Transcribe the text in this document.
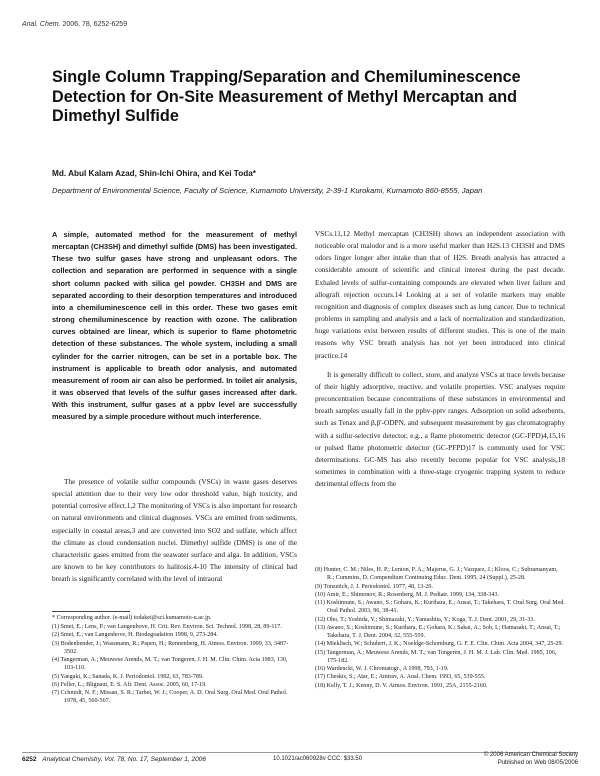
Anal. Chem. 2006, 78, 6252-6259
Single Column Trapping/Separation and Chemiluminescence Detection for On-Site Measurement of Methyl Mercaptan and Dimethyl Sulfide
Md. Abul Kalam Azad, Shin-Ichi Ohira, and Kei Toda*
Department of Environmental Science, Faculty of Science, Kumamoto University, 2-39-1 Kurokami, Kumamoto 860-8555, Japan
A simple, automated method for the measurement of methyl mercaptan (CH3SH) and dimethyl sulfide (DMS) has been investigated. These two sulfur gases have strong and unpleasant odors. The collection and separation are performed in sequence with a single short column packed with silica gel powder. CH3SH and DMS are separated according to their desorption temperatures and introduced into a chemiluminescence cell in this order. These two gases emit strong chemiluminescence by reaction with ozone. The calibration curves obtained are linear, which is superior to flame photometric detection of these substances. The whole system, including a small cylinder for the carrier nitrogen, can be set in a portable box. The instrument is applicable to breath odor analysis, and automated measurement of room air can also be performed. In toilet air analysis, it was observed that levels of the sulfur gases increased after dark. With this instrument, sulfur gases at a ppbv level are successfully measured by a simple procedure without much interference.

The presence of volatile sulfur compounds (VSCs) in waste gases deserves special attention due to their very low odor threshold value, high toxicity, and potential corrosive effect.1,2 The monitoring of VSCs is also important for research on natural environments and clinical diagnoses. VSCs are emitted from sediments, especially in coastal areas,3 and are converted into SO2 and sulfate, which affect the climate as cloud condensation nuclei. Dimethyl sulfide (DMS) is one of the characteristic gases emitted from the seawater surface and alga. In addition, VSCs are known to be key contributors to halitosis.4-10 The intensity of clinical bad breath is significantly correlated with the level of intraoral

VSCs.11,12 Methyl mercaptan (CH3SH) shows an independent association with noticeable oral malodor and is a more useful marker than H2S.13 CH3SH and DMS odors linger longer after intake than that of H2S. Breath analysis has attracted a considerable amount of scientific and clinical interest during the past decade. Exhaled levels of sulfur-containing compounds are elevated when liver failure and allograft rejection occurs.14 Looking at a set of volatile markers may enable recognition and diagnosis of complex diseases such as lung cancer. Due to technical problems in sampling and analysis and a lack of normalization and standardization, huge variations exist between results of different studies. This is one of the main reasons why VSC breath analysis has not yet been introduced into clinical practice.14

It is generally difficult to collect, store, and analyze VSCs at trace levels because of their highly adsorptive, reactive, and volatile properties. VSC analyses require preconcentration because concentrations of these substances in environmental and breath samples usually fall in the ppbv-pptv ranges. Adsorption on solid adsorbents, such as Tenax and β,β'-ODPN, and subsequent measurement by gas chromatography with a sulfur-selective detector, e.g., a flame photometric detector (GC-FPD)4,15,16 or pulsed flame photometric detector (GC-PFPD)17 is commonly used for VSC determinations. GC-MS has also recently become popular for VSC analysis,18 sometimes in combination with a three-stage cryogenic trapping system to reduce detrimental effects from the

* Corresponding author. (e-mail) todakei@sci.kumamoto-u.ac.jp.
(1) Smet, E.; Lens, P.; van Langenhove, H. Crit. Rev. Environ. Sci. Technol. 1998, 28, 89-117.
(2) Smet, E.; van Langenhove, H. Biodegradation 1998, 9, 273-284.
(3) Bodenbender, J.; Wassmann, R.; Papen, H.; Rennenberg, H. Atmos. Environ. 1999, 33, 3487-3502.
(4) Tangerman, A.; Meuwese Arends, M. T.; van Tongeren, J. H. M. Clin. Chim. Acta 1983, 130, 103-110.
(5) Yaegaki, K.; Sanada, K. J. Periodontol. 1992, 63, 783-789.
(6) Feller, L.; Blignaut, E. S. Afr. Dent. Assoc. 2005, 60, 17-19.
(7) Cchmidt, N. F.; Missan, S. R.; Tarbet, W. J.; Cooper, A. D. Oral Surg. Oral Med. Oral Pathol. 1978, 45, 560-567.
(8) Hunter, C. M.; Niles, H. P.; Lenton, P. A.; Majerus, G. J.; Vazquez, J.; Kloos, C.; Subramanyam, R.; Cummins, D. Compendium Continuing Educ. Dent. 1995, 24 (Suppl.), 25-28.
(9) Tonzetich, J. J. Periodontol. 1977, 48, 13-20.
(10) Amir, E.; Shimonov, R.; Rosenberg, M. J. Pediatr. 1999, 134, 338-343.
(11) Koshimune, S.; Awano, S.; Gohara, K.; Kurihara, E.; Ansai, T.; Takehara, T. Oral Surg. Oral Med. Oral Pathol. 2003, 96, 38-41.
(12) Oho, T.; Yoshida, Y.; Shimazaki, Y.; Yamashita, Y.; Koga, T. J. Dent. 2001, 29, 31-33.
(13) Awano, S.; Koshimune, S.; Kurihara, E.; Gohara, K.; Sakai, A.; Soh, I.; Hamasaki, T.; Ansai, T.; Takehara, T. J. Dent. 2004, 32, 555-559.
(14) Mieklisch, W.; Schubert, J. K.; Noeldge-Schomburg, G. F. E. Clin. Chim. Acta 2004, 347, 25-29.
(15) Tangerman, A.; Meuwese Arends, M. T.; van Tongeren, J. H. M. J. Lab. Clin. Med. 1985, 106, 175-182.
(16) Wardencki, W. J. Chromatogr., A 1998, 793, 1-19.
(17) Cheskis, S.; Atar, E.; Amirav, A. Anal. Chem. 1993, 65, 539-555.
(18) Kelly, T. J.; Kenny, D. V. Atmos. Environ. 1991, 25A, 2155-2160.
6252 Analytical Chemistry, Vol. 78, No. 17, September 1, 2006	10.1021/ac060928v CCC: $33.50
© 2006 American Chemical Society
Published on Web 08/05/2006
